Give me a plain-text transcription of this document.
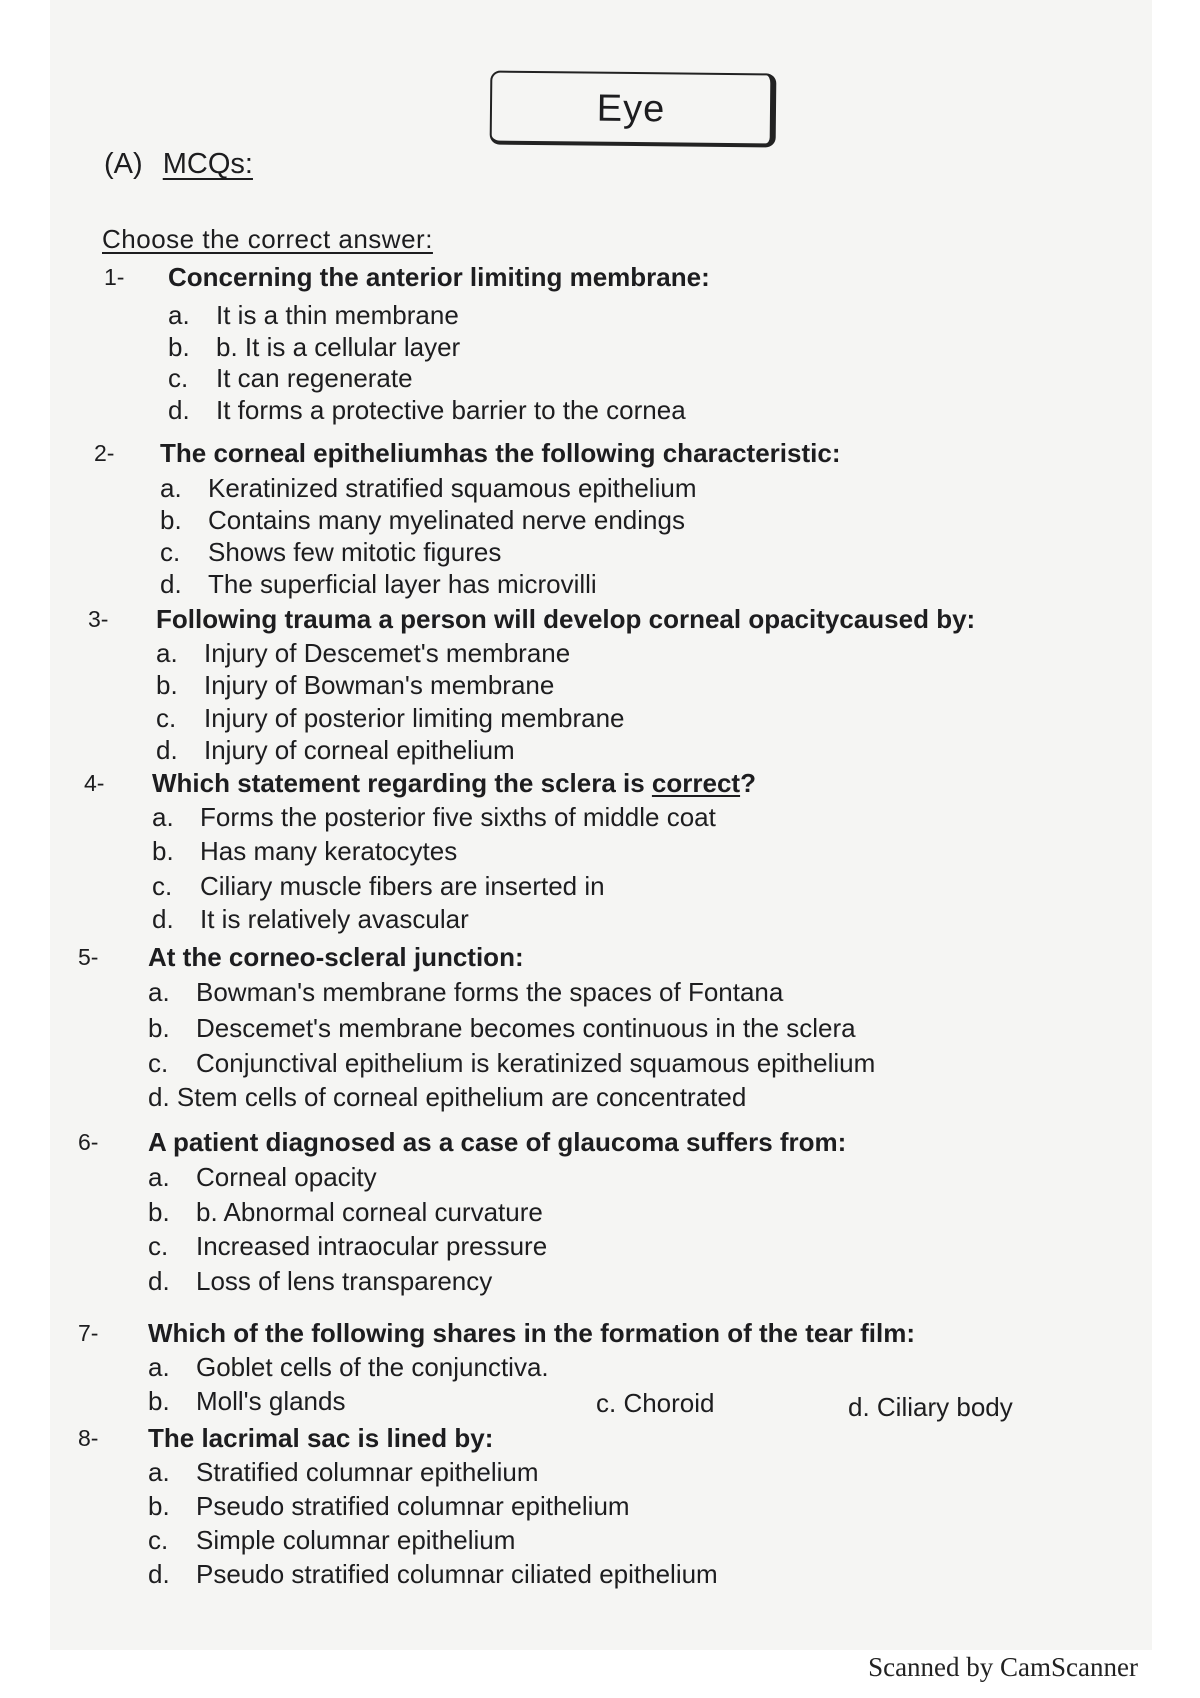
Eye
(A) MCQs:
Choose the correct answer:
1- Concerning the anterior limiting membrane:
a. It is a thin membrane
b. b. It is a cellular layer
c. It can regenerate
d. It forms a protective barrier to the cornea
2- The corneal epitheliumhas the following characteristic:
a. Keratinized stratified squamous epithelium
b. Contains many myelinated nerve endings
c. Shows few mitotic figures
d. The superficial layer has microvilli
3- Following trauma a person will develop corneal opacitycaused by:
a. Injury of Descemet's membrane
b. Injury of Bowman's membrane
c. Injury of posterior limiting membrane
d. Injury of corneal epithelium
4- Which statement regarding the sclera is correct?
a. Forms the posterior five sixths of middle coat
b. Has many keratocytes
c. Ciliary muscle fibers are inserted in
d. It is relatively avascular
5- At the corneo-scleral junction:
a. Bowman's membrane forms the spaces of Fontana
b. Descemet's membrane becomes continuous in the sclera
c. Conjunctival epithelium is keratinized squamous epithelium
d. Stem cells of corneal epithelium are concentrated
6- A patient diagnosed as a case of glaucoma suffers from:
a. Corneal opacity
b. b. Abnormal corneal curvature
c. Increased intraocular pressure
d. Loss of lens transparency
7- Which of the following shares in the formation of the tear film:
a. Goblet cells of the conjunctiva.
b. Moll's glands	c. Choroid	d. Ciliary body
8- The lacrimal sac is lined by:
a. Stratified columnar epithelium
b. Pseudo stratified columnar epithelium
c. Simple columnar epithelium
d. Pseudo stratified columnar ciliated epithelium
Scanned by CamScanner
